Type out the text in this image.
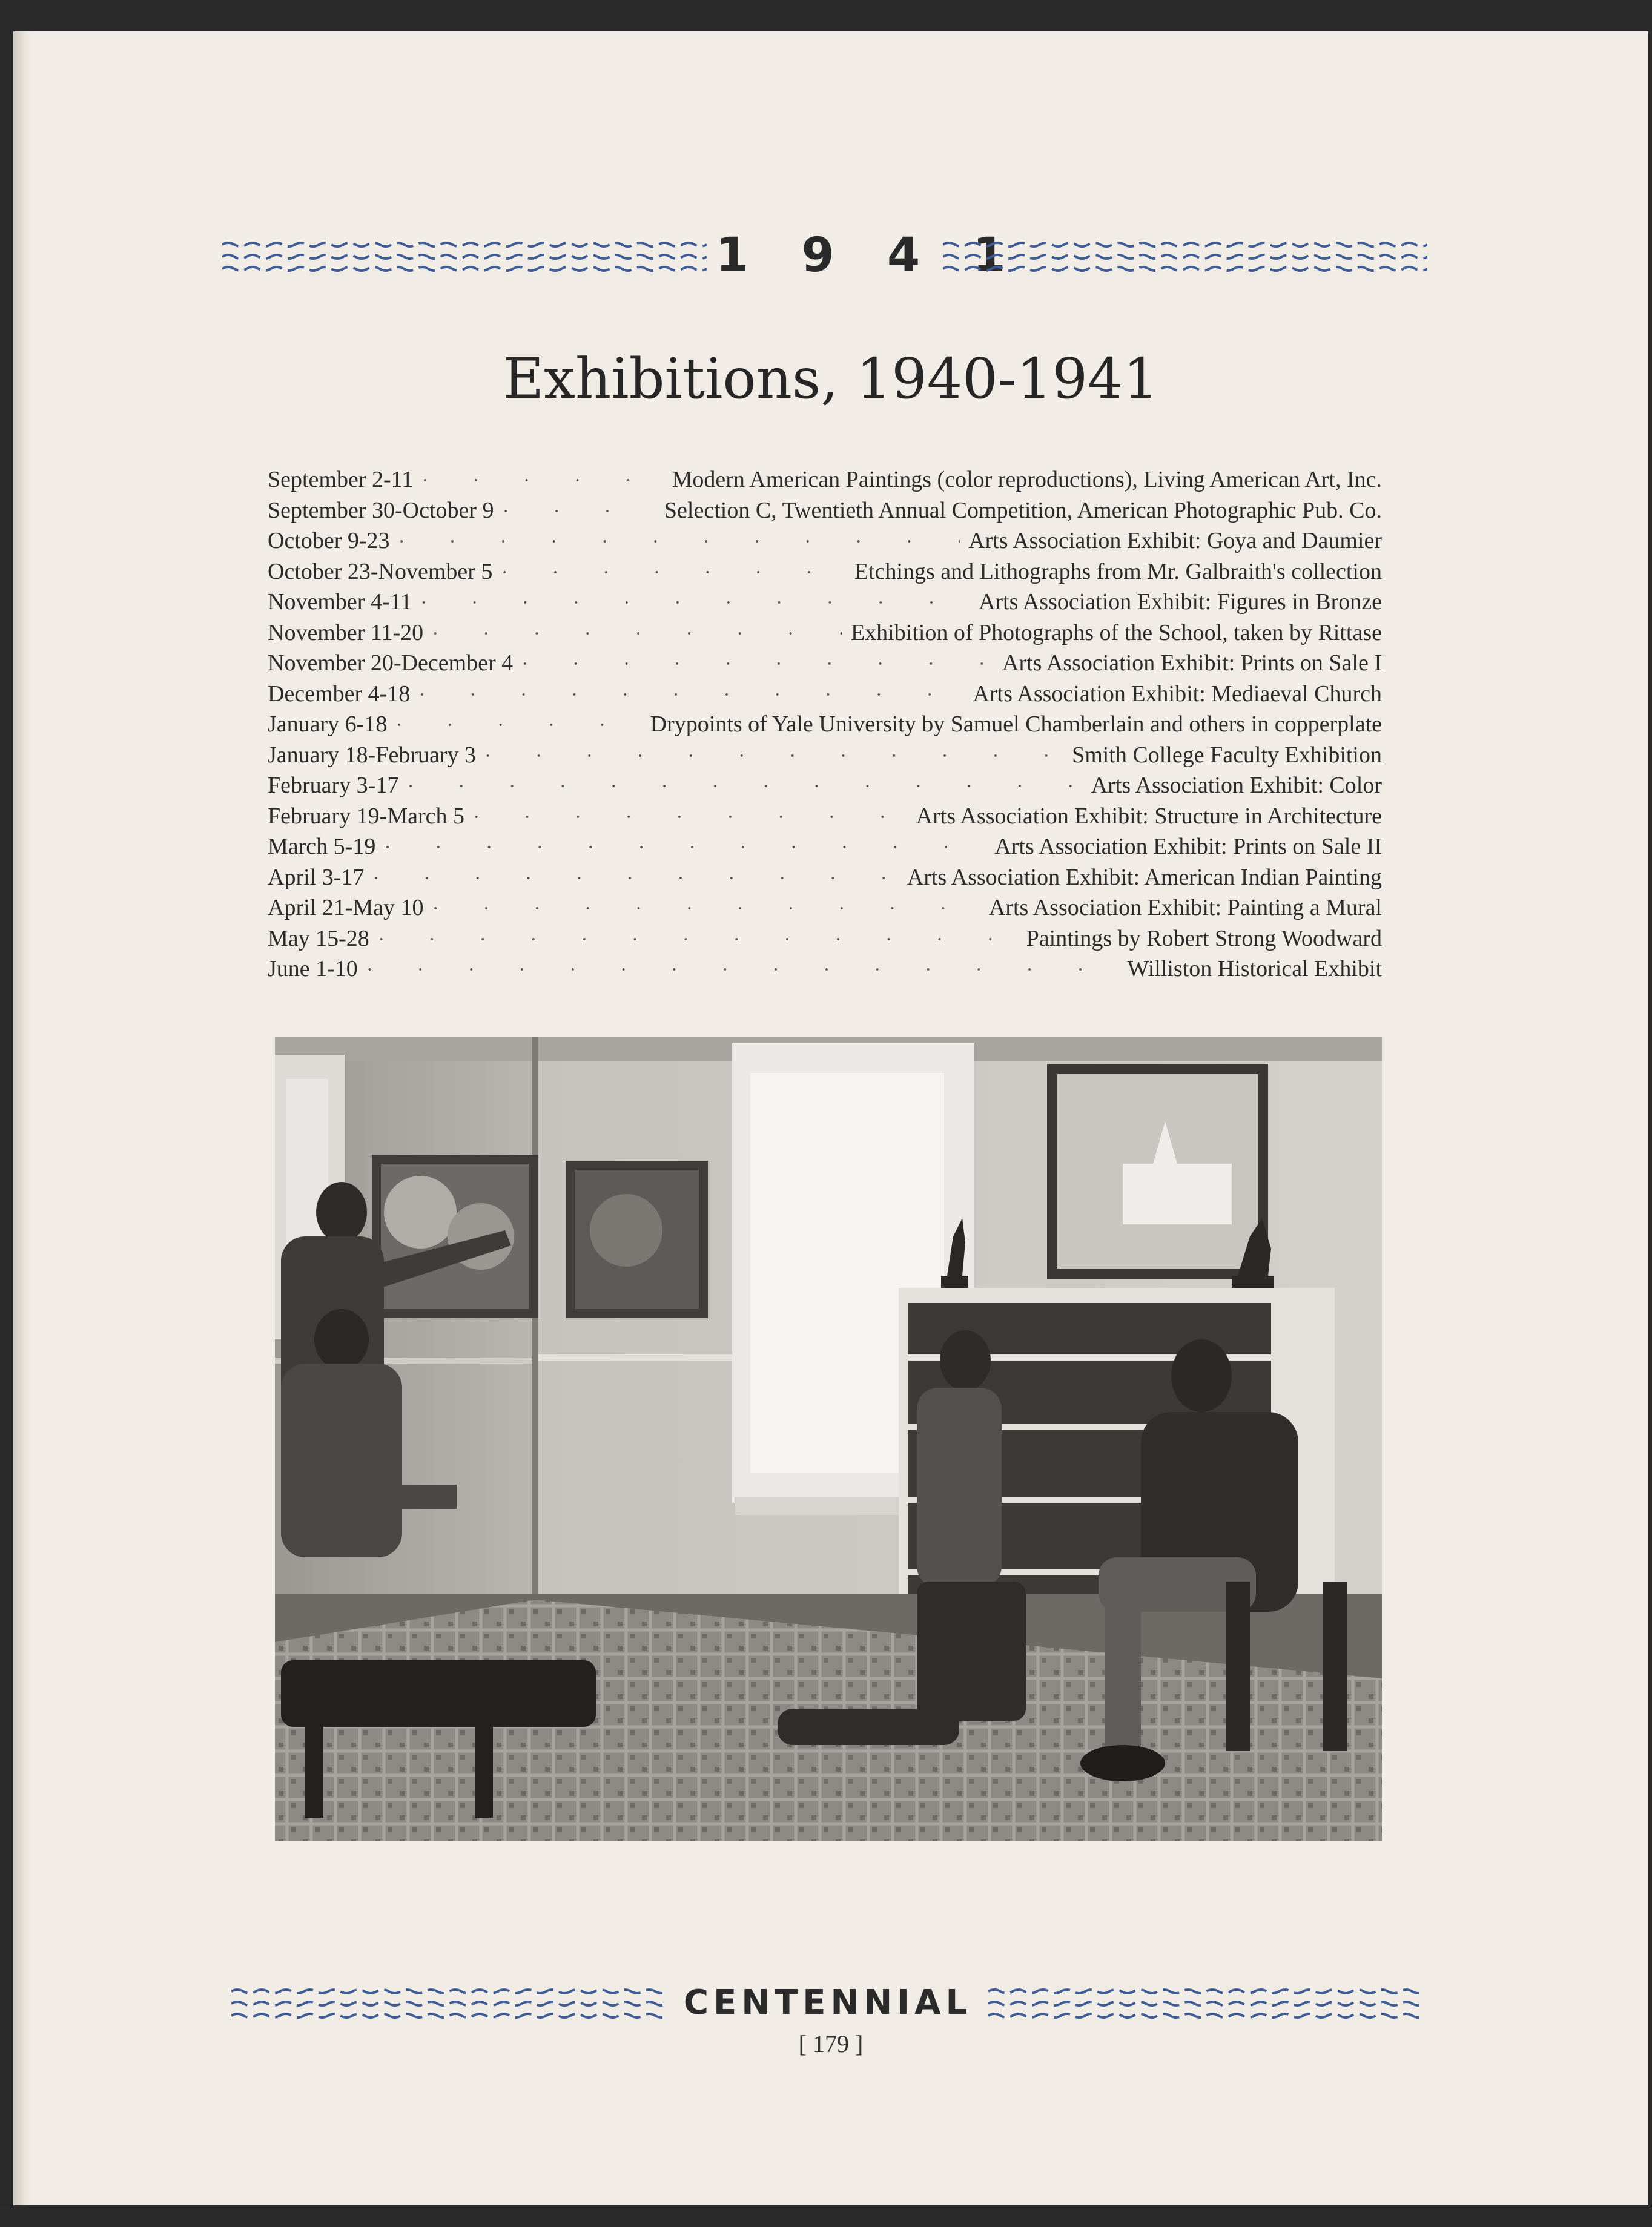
1 9 4 1
Exhibitions, 1940-1941
September 2-11 · · ·	Modern American Paintings (color reproductions), Living American Art, Inc.
September 30-October 9 · · ·	Selection C, Twentieth Annual Competition, American Photographic Pub. Co.
October 9-23 · · ·	Arts Association Exhibit: Goya and Daumier
October 23-November 5 · · ·	Etchings and Lithographs from Mr. Galbraith's collection
November 4-11 · · ·	Arts Association Exhibit: Figures in Bronze
November 11-20 · · ·	Exhibition of Photographs of the School, taken by Rittase
November 20-December 4 · · ·	Arts Association Exhibit: Prints on Sale I
December 4-18 · · ·	Arts Association Exhibit: Mediaeval Church
January 6-18 · · ·	Drypoints of Yale University by Samuel Chamberlain and others in copperplate
January 18-February 3 · · ·	Smith College Faculty Exhibition
February 3-17 · · ·	Arts Association Exhibit: Color
February 19-March 5 · · ·	Arts Association Exhibit: Structure in Architecture
March 5-19 · · ·	Arts Association Exhibit: Prints on Sale II
April 3-17 · · ·	Arts Association Exhibit: American Indian Painting
April 21-May 10 · · ·	Arts Association Exhibit: Painting a Mural
May 15-28 · · ·	Paintings by Robert Strong Woodward
June 1-10 · · ·	Williston Historical Exhibit
CENTENNIAL
[ 179 ]
